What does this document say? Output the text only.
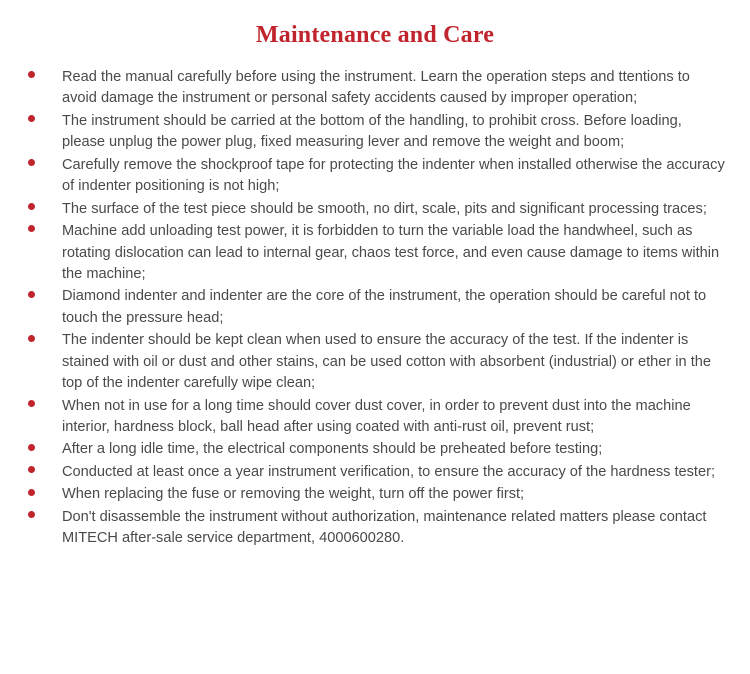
Maintenance and Care
Read the manual carefully before using the instrument. Learn the operation steps and ttentions to avoid damage the instrument or personal safety accidents caused by improper operation;
The instrument should be carried at the bottom of the handling, to prohibit cross. Before loading, please unplug the power plug, fixed measuring lever and remove the weight and boom;
Carefully remove the shockproof tape for protecting the indenter when installed otherwise the accuracy of indenter positioning is not high;
The surface of the test piece should be smooth, no dirt, scale, pits and significant processing traces;
Machine add unloading test power, it is forbidden to turn the variable load the handwheel, such as rotating dislocation can lead to internal gear, chaos test force, and even cause damage to items within the machine;
Diamond indenter and indenter are the core of the instrument, the operation should be careful not to touch the pressure head;
The indenter should be kept clean when used to ensure the accuracy of the test. If the indenter is stained with oil or dust and other stains, can be used cotton with absorbent (industrial) or ether in the top of the indenter carefully wipe clean;
When not in use for a long time should cover dust cover, in order to prevent dust into the machine interior, hardness block, ball head after using coated with anti-rust oil, prevent rust;
After a long idle time, the electrical components should be preheated before testing;
Conducted at least once a year instrument verification, to ensure the accuracy of the hardness tester;
When replacing the fuse or removing the weight, turn off the power first;
Don't disassemble the instrument without authorization, maintenance related matters please contact MITECH after-sale service department, 4000600280.
